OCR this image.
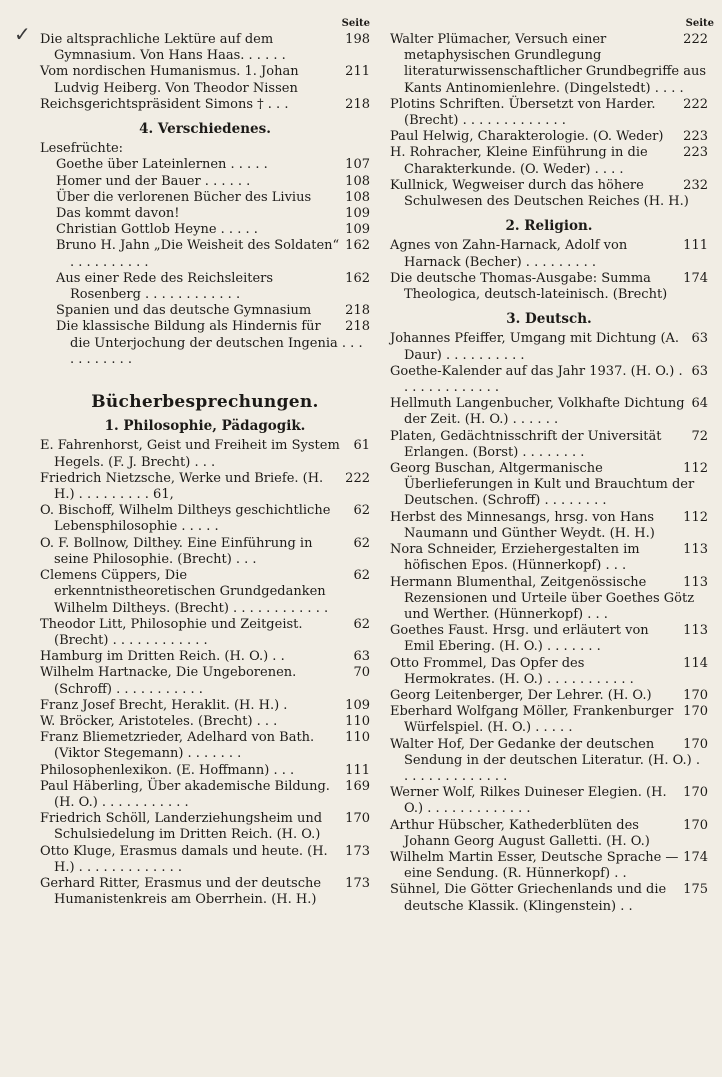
✓	Seite
198
Die altsprachliche Lektüre auf dem Gymnasium. Von Hans Haas. . . . . .
211
Vom nordischen Humanismus. 1. Johan Ludvig Heiberg. Von Theodor Nissen
218
Reichsgerichtspräsident Simons † . . .
4. Verschiedenes.
Lesefrüchte:
107
Goethe über Lateinlernen . . . . .
108
Homer und der Bauer . . . . . .
108
Über die verlorenen Bücher des Livius
109
Das kommt davon!
109
Christian Gottlob Heyne . . . . .
162
Bruno H. Jahn „Die Weisheit des Soldaten“ . . . . . . . . . .
162
Aus einer Rede des Reichsleiters Rosenberg . . . . . . . . . . . .
218
Spanien und das deutsche Gymnasium
218
Die klassische Bildung als Hindernis für die Unterjochung der deutschen Ingenia . . . . . . . . . . .
Bücherbesprechungen.
1. Philosophie, Pädagogik.
61
E. Fahrenhorst, Geist und Freiheit im System Hegels. (F. J. Brecht) . . .
222
Friedrich Nietzsche, Werke und Briefe. (H. H.) . . . . . . . . . 61,
62
O. Bischoff, Wilhelm Diltheys geschichtliche Lebensphilosophie . . . . .
62
O. F. Bollnow, Dilthey. Eine Einführung in seine Philosophie. (Brecht) . . .
62
Clemens Cüppers, Die erkenntnistheoretischen Grundgedanken Wilhelm Diltheys. (Brecht) . . . . . . . . . . . .
62
Theodor Litt, Philosophie und Zeitgeist. (Brecht) . . . . . . . . . . . .
63
Hamburg im Dritten Reich. (H. O.) . .
70
Wilhelm Hartnacke, Die Ungeborenen. (Schroff) . . . . . . . . . . .
109
Franz Josef Brecht, Heraklit. (H. H.) .
110
W. Bröcker, Aristoteles. (Brecht) . . .
110
Franz Bliemetzrieder, Adelhard von Bath. (Viktor Stegemann) . . . . . . .
111
Philosophenlexikon. (E. Hoffmann) . . .
169
Paul Häberling, Über akademische Bildung. (H. O.) . . . . . . . . . . .
170
Friedrich Schöll, Landerziehungsheim und Schulsiedelung im Dritten Reich. (H. O.)
173
Otto Kluge, Erasmus damals und heute. (H. H.) . . . . . . . . . . . . .
173
Gerhard Ritter, Erasmus und der deutsche Humanistenkreis am Oberrhein. (H. H.)
Seite
222
Walter Plümacher, Versuch einer metaphysischen Grundlegung literaturwissenschaftlicher Grundbegriffe aus Kants Antinomienlehre. (Dingelstedt) . . . .
222
Plotins Schriften. Übersetzt von Harder. (Brecht) . . . . . . . . . . . . .
223
Paul Helwig, Charakterologie. (O. Weder)
223
H. Rohracher, Kleine Einführung in die Charakterkunde. (O. Weder) . . . .
232
Kullnick, Wegweiser durch das höhere Schulwesen des Deutschen Reiches (H. H.)
2. Religion.
111
Agnes von Zahn-Harnack, Adolf von Harnack (Becher) . . . . . . . . .
174
Die deutsche Thomas-Ausgabe: Summa Theologica, deutsch-lateinisch. (Brecht)
3. Deutsch.
63
Johannes Pfeiffer, Umgang mit Dichtung (A. Daur) . . . . . . . . . .
63
Goethe-Kalender auf das Jahr 1937. (H. O.) . . . . . . . . . . . . .
64
Hellmuth Langenbucher, Volkhafte Dichtung der Zeit. (H. O.) . . . . . .
72
Platen, Gedächtnisschrift der Universität Erlangen. (Borst) . . . . . . . .
112
Georg Buschan, Altgermanische Überlieferungen in Kult und Brauchtum der Deutschen. (Schroff) . . . . . . . .
112
Herbst des Minnesangs, hrsg. von Hans Naumann und Günther Weydt. (H. H.)
113
Nora Schneider, Erziehergestalten im höfischen Epos. (Hünnerkopf) . . .
113
Hermann Blumenthal, Zeitgenössische Rezensionen und Urteile über Goethes Götz und Werther. (Hünnerkopf) . . .
113
Goethes Faust. Hrsg. und erläutert von Emil Ebering. (H. O.) . . . . . . .
114
Otto Frommel, Das Opfer des Hermokrates. (H. O.) . . . . . . . . . . .
170
Georg Leitenberger, Der Lehrer. (H. O.)
170
Eberhard Wolfgang Möller, Frankenburger Würfelspiel. (H. O.) . . . . .
170
Walter Hof, Der Gedanke der deutschen Sendung in der deutschen Literatur. (H. O.) . . . . . . . . . . . . . .
170
Werner Wolf, Rilkes Duineser Elegien. (H. O.) . . . . . . . . . . . . .
170
Arthur Hübscher, Kathederblüten des Johann Georg August Galletti. (H. O.)
174
Wilhelm Martin Esser, Deutsche Sprache — eine Sendung. (R. Hünnerkopf) . .
175
Sühnel, Die Götter Griechenlands und die deutsche Klassik. (Klingenstein) . .
